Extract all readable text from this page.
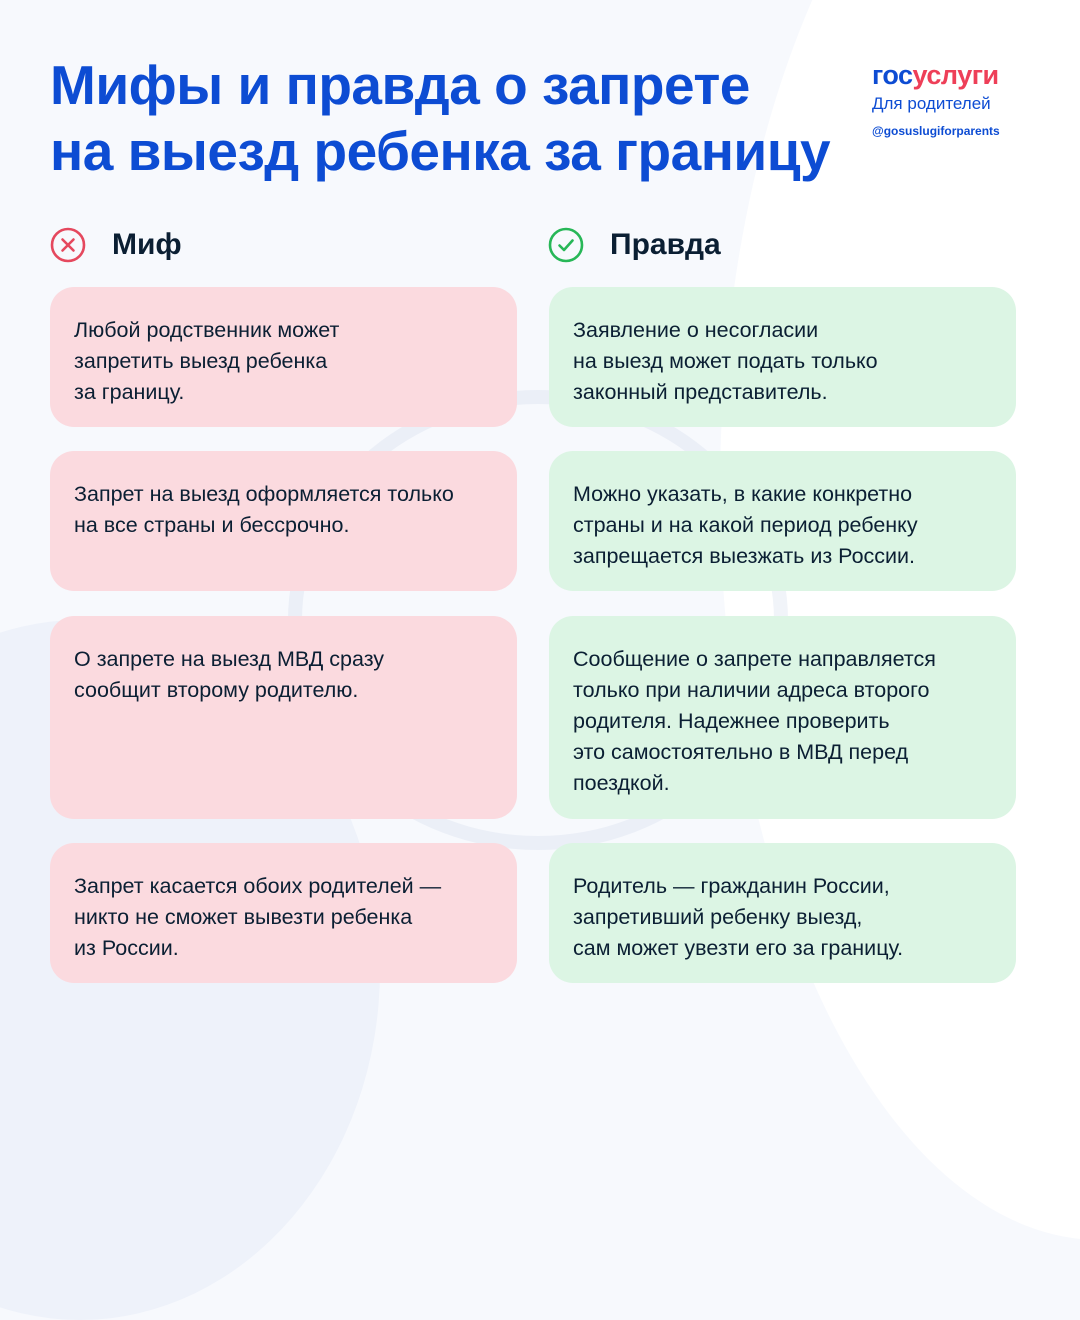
Мифы и правда о запрете
на выезд ребенка за границу
госуслуги
Для родителей
@gosuslugiforparents
Миф	Правда
Любой родственник может
запретить выезд ребенка
за границу.
Заявление о несогласии
на выезд может подать только
законный представитель.
Запрет на выезд оформляется только
на все страны и бессрочно.
Можно указать, в какие конкретно
страны и на какой период ребенку
запрещается выезжать из России.
О запрете на выезд МВД сразу
сообщит второму родителю.
Сообщение о запрете направляется
только при наличии адреса второго
родителя. Надежнее проверить
это самостоятельно в МВД перед
поездкой.
Запрет касается обоих родителей —
никто не сможет вывезти ребенка
из России.
Родитель — гражданин России,
запретивший ребенку выезд,
сам может увезти его за границу.
